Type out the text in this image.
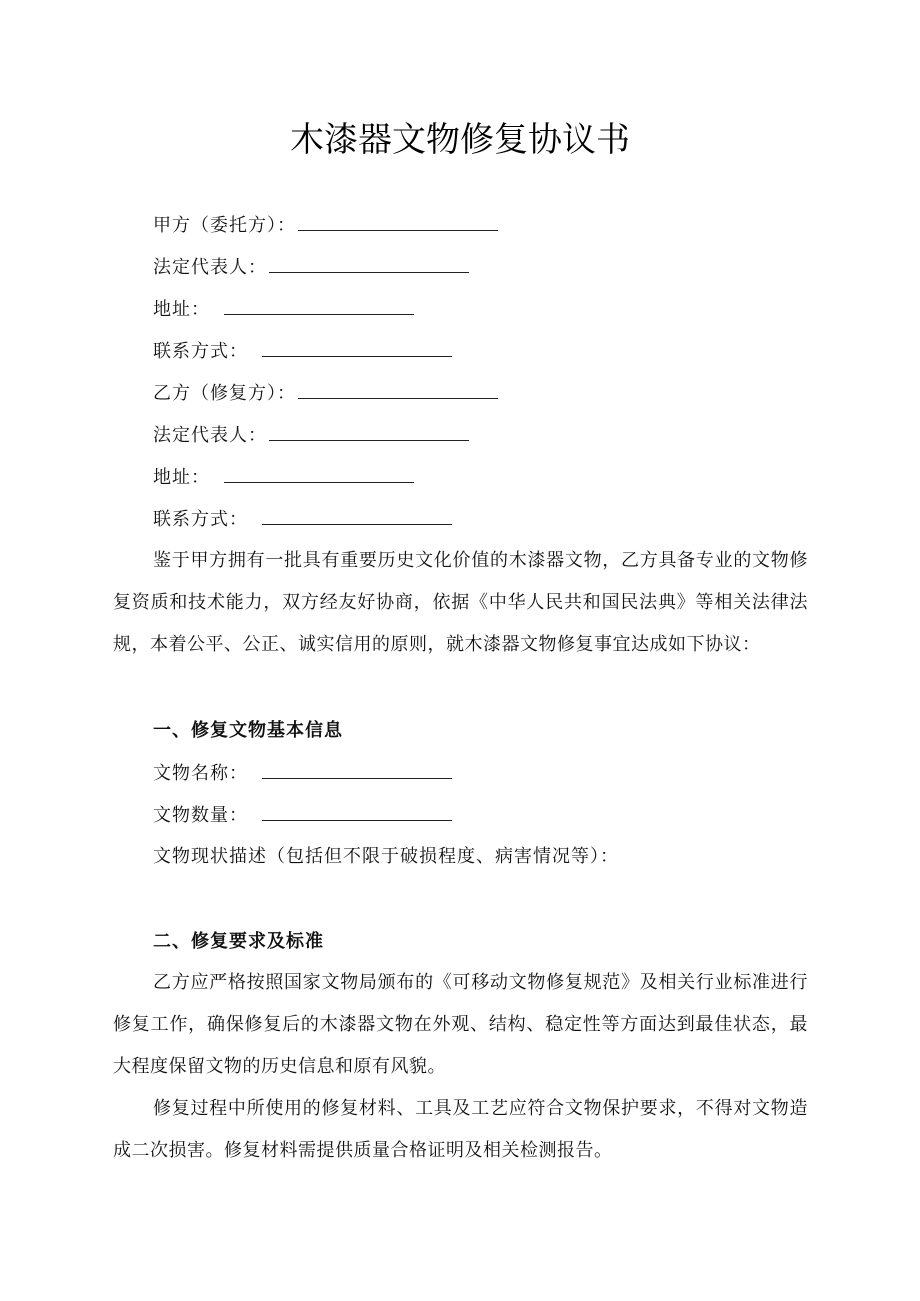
木漆器文物修复协议书
甲方（委托方）：
法定代表人：
地址：
联系方式：
乙方（修复方）：
法定代表人：
地址：
联系方式：
鉴于甲方拥有一批具有重要历史文化价值的木漆器文物，乙方具备专业的文物修复资质和技术能力，双方经友好协商，依据《中华人民共和国民法典》等相关法律法规，本着公平、公正、诚实信用的原则，就木漆器文物修复事宜达成如下协议：
一、修复文物基本信息
文物名称：
文物数量：
文物现状描述（包括但不限于破损程度、病害情况等）：
二、修复要求及标准
乙方应严格按照国家文物局颁布的《可移动文物修复规范》及相关行业标准进行修复工作，确保修复后的木漆器文物在外观、结构、稳定性等方面达到最佳状态，最大程度保留文物的历史信息和原有风貌。
修复过程中所使用的修复材料、工具及工艺应符合文物保护要求，不得对文物造成二次损害。修复材料需提供质量合格证明及相关检测报告。
